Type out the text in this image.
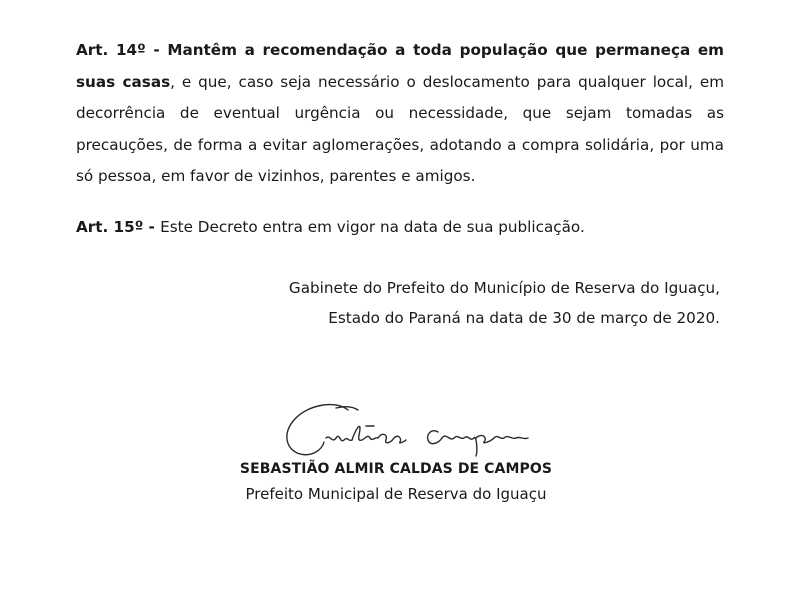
Art. 14º - Mantêm a recomendação a toda população que permaneça em suas casas, e que, caso seja necessário o deslocamento para qualquer local, em decorrência de eventual urgência ou necessidade, que sejam tomadas as precauções, de forma a evitar aglomerações, adotando a compra solidária, por uma só pessoa, em favor de vizinhos, parentes e amigos.

Art. 15º - Este Decreto entra em vigor na data de sua publicação.

Gabinete do Prefeito do Município de Reserva do Iguaçu,
Estado do Paraná na data de 30 de março de 2020.
SEBASTIÃO ALMIR CALDAS DE CAMPOS
Prefeito Municipal de Reserva do Iguaçu
